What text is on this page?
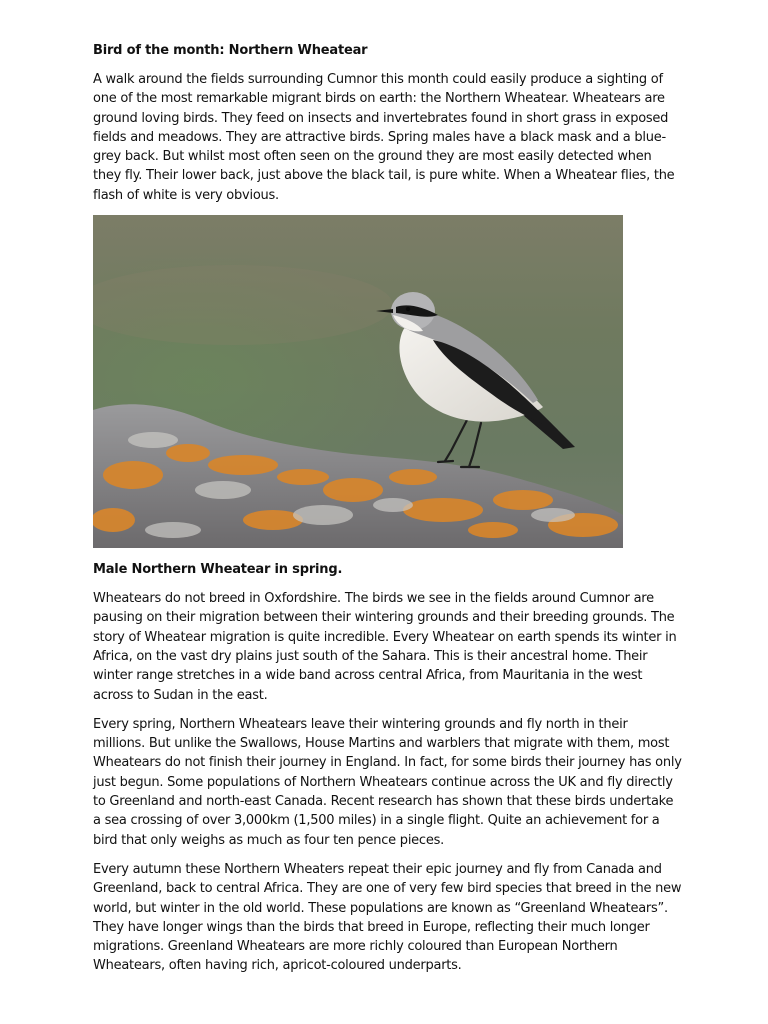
Bird of the month: Northern Wheatear
A walk around the fields surrounding Cumnor this month could easily produce a sighting of one of the most remarkable migrant birds on earth: the Northern Wheatear. Wheatears are ground loving birds. They feed on insects and invertebrates found in short grass in exposed fields and meadows. They are attractive birds. Spring males have a black mask and a blue-grey back. But whilst most often seen on the ground they are most easily detected when they fly. Their lower back, just above the black tail, is pure white. When a Wheatear flies, the flash of white is very obvious.
Male Northern Wheatear in spring.
Wheatears do not breed in Oxfordshire. The birds we see in the fields around Cumnor are pausing on their migration between their wintering grounds and their breeding grounds. The story of Wheatear migration is quite incredible. Every Wheatear on earth spends its winter in Africa, on the vast dry plains just south of the Sahara. This is their ancestral home. Their winter range stretches in a wide band across central Africa, from Mauritania in the west across to Sudan in the east.
Every spring, Northern Wheatears leave their wintering grounds and fly north in their millions. But unlike the Swallows, House Martins and warblers that migrate with them, most Wheatears do not finish their journey in England. In fact, for some birds their journey has only just begun. Some populations of Northern Wheatears continue across the UK and fly directly to Greenland and north-east Canada. Recent research has shown that these birds undertake a sea crossing of over 3,000km (1,500 miles) in a single flight. Quite an achievement for a bird that only weighs as much as four ten pence pieces.
Every autumn these Northern Wheaters repeat their epic journey and fly from Canada and Greenland, back to central Africa. They are one of very few bird species that breed in the new world, but winter in the old world. These populations are known as “Greenland Wheatears”. They have longer wings than the birds that breed in Europe, reflecting their much longer migrations. Greenland Wheatears are more richly coloured than European Northern Wheatears, often having rich, apricot-coloured underparts.
